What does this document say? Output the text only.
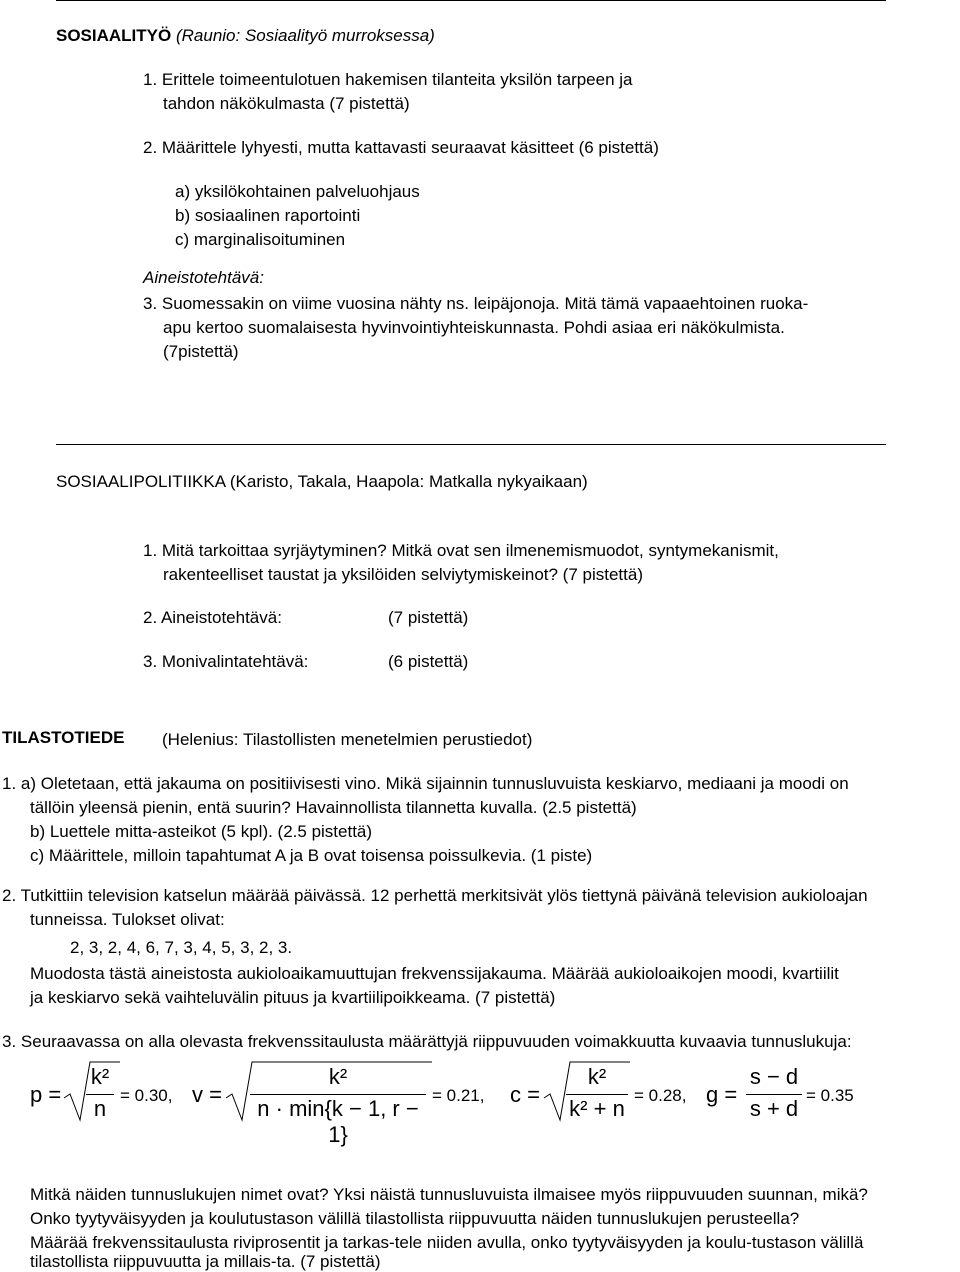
SOSIAALITYÖ (Raunio: Sosiaalityö murroksessa)
1. Erittele toimeentulotuen hakemisen tilanteita yksilön tarpeen ja
tahdon näkökulmasta (7 pistettä)
2. Määrittele lyhyesti, mutta kattavasti seuraavat käsitteet (6 pistettä)
a) yksilökohtainen palveluohjaus
b) sosiaalinen raportointi
c) marginalisoituminen
Aineistotehtävä:
3. Suomessakin on viime vuosina nähty ns. leipäjonoja. Mitä tämä vapaaehtoinen ruoka-
apu kertoo suomalaisesta hyvinvointiyhteiskunnasta. Pohdi asiaa eri näkökulmista.
(7pistettä)
SOSIAALIPOLITIIKKA (Karisto, Takala, Haapola: Matkalla nykyaikaan)
1. Mitä tarkoittaa syrjäytyminen? Mitkä ovat sen ilmenemismuodot, syntymekanismit,
rakenteelliset taustat ja yksilöiden selviytymiskeinot? (7 pistettä)
2. Aineistotehtävä:	(7 pistettä)
3. Monivalintatehtävä:	(6 pistettä)
TILASTOTIEDE (Helenius: Tilastollisten menetelmien perustiedot)
1. a) Oletetaan, että jakauma on positiivisesti vino. Mikä sijainnin tunnusluvuista keskiarvo, mediaani ja moodi on
tällöin yleensä pienin, entä suurin? Havainnollista tilannetta kuvalla. (2.5 pistettä)
b) Luettele mitta-asteikot (5 kpl). (2.5 pistettä)
c) Määrittele, milloin tapahtumat A ja B ovat toisensa poissulkevia. (1 piste)
2. Tutkittiin television katselun määrää päivässä. 12 perhettä merkitsivät ylös tiettynä päivänä television aukioloajan
tunneissa. Tulokset olivat:
2, 3, 2, 4, 6, 7, 3, 4, 5, 3, 2, 3.
Muodosta tästä aineistosta aukioloaikamuuttujan frekvenssijakauma. Määrää aukioloaikojen moodi, kvartiilit
ja keskiarvo sekä vaihteluvälin pituus ja kvartiilipoikkeama. (7 pistettä)
3. Seuraavassa on alla olevasta frekvenssitaulusta määrättyjä riippuvuuden voimakkuutta kuvaavia tunnuslukuja:
p =
k²
n
= 0.30, v =
k²
n · min{k − 1, r − 1}
= 0.21, c =
k²
k² + n
= 0.28, g =
s − d
s + d
= 0.35
Mitkä näiden tunnuslukujen nimet ovat? Yksi näistä tunnusluvuista ilmaisee myös riippuvuuden suunnan, mikä?
Onko tyytyväisyyden ja koulutustason välillä tilastollista riippuvuutta näiden tunnuslukujen perusteella?
Määrää frekvenssitaulusta riviprosentit ja tarkas-tele niiden avulla, onko tyytyväisyyden ja koulu-tustason välillä
tilastollista riippuvuutta ja millais-ta. (7 pistettä)
